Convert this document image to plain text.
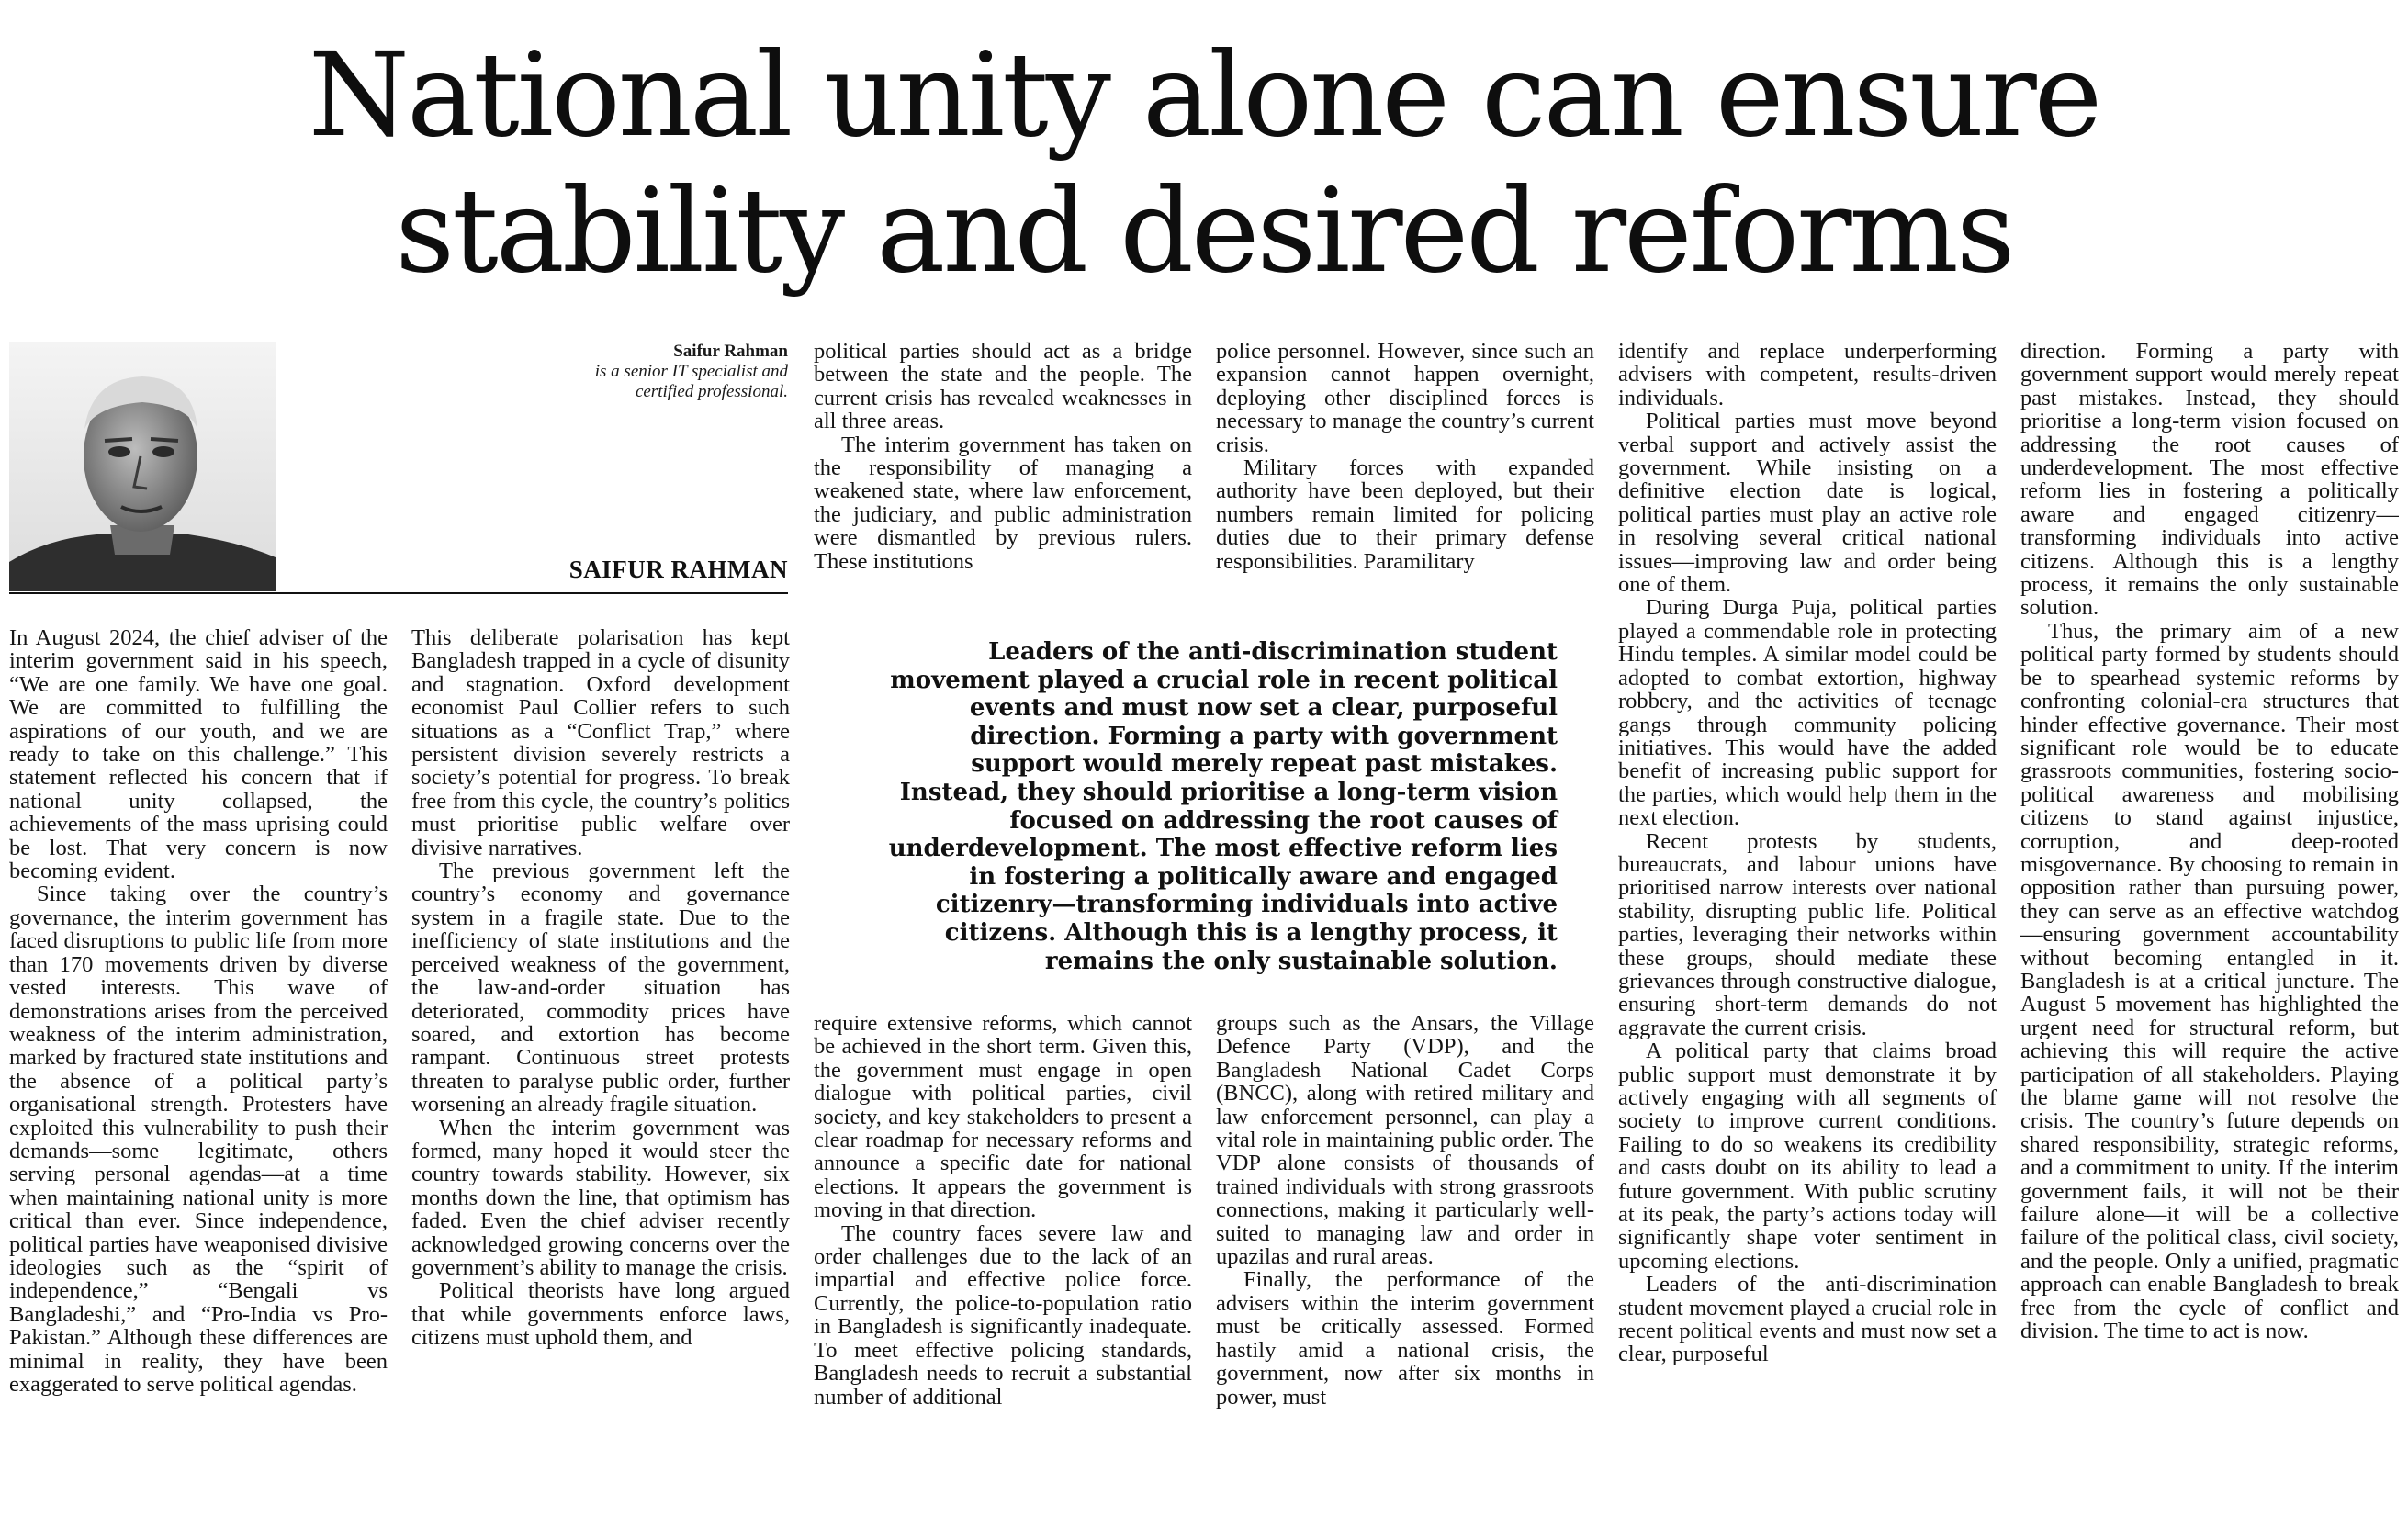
National unity alone can ensure
stability and desired reforms
Saifur Rahman
is a senior IT specialist and
certified professional.
SAIFUR RAHMAN

In August 2024, the chief adviser of the interim government said in his speech, “We are one family. We have one goal. We are committed to fulfilling the aspirations of our youth, and we are ready to take on this challenge.” This statement reflected his concern that if national unity collapsed, the achievements of the mass uprising could be lost. That very concern is now becoming evident.

Since taking over the country’s governance, the interim government has faced disruptions to public life from more than 170 movements driven by diverse vested interests. This wave of demonstrations arises from the perceived weakness of the interim administration, marked by fractured state institutions and the absence of a political party’s organisational strength. Protesters have exploited this vulnerability to push their demands—some legitimate, others serving personal agendas—at a time when maintaining national unity is more critical than ever. Since independence, political parties have weaponised divisive ideologies such as the “spirit of independence,” “Bengali vs Bangladeshi,” and “Pro-India vs Pro-Pakistan.” Although these differences are minimal in reality, they have been exaggerated to serve political agendas.

This deliberate polarisation has kept Bangladesh trapped in a cycle of disunity and stagnation. Oxford development economist Paul Collier refers to such situations as a “Conflict Trap,” where persistent division severely restricts a society’s potential for progress. To break free from this cycle, the country’s politics must prioritise public welfare over divisive narratives.

The previous government left the country’s economy and governance system in a fragile state. Due to the inefficiency of state institutions and the perceived weakness of the government, the law-and-order situation has deteriorated, commodity prices have soared, and extortion has become rampant. Continuous street protests threaten to paralyse public order, further worsening an already fragile situation.

When the interim government was formed, many hoped it would steer the country towards stability. However, six months down the line, that optimism has faded. Even the chief adviser recently acknowledged growing concerns over the government’s ability to manage the crisis.

Political theorists have long argued that while governments enforce laws, citizens must uphold them, and

political parties should act as a bridge between the state and the people. The current crisis has revealed weaknesses in all three areas.

The interim government has taken on the responsibility of managing a weakened state, where law enforcement, the judiciary, and public administration were dismantled by previous rulers. These institutions

police personnel. However, since such an expansion cannot happen overnight, deploying other disciplined forces is necessary to manage the country’s current crisis.

Military forces with expanded authority have been deployed, but their numbers remain limited for policing duties due to their primary defense responsibilities. Paramilitary

Leaders of the anti-discrimination student movement played a crucial role in recent political events and must now set a clear, purposeful direction. Forming a party with government support would merely repeat past mistakes. Instead, they should prioritise a long-term vision focused on addressing the root causes of underdevelopment. The most effective reform lies in fostering a politically aware and engaged citizenry—transforming individuals into active citizens. Although this is a lengthy process, it remains the only sustainable solution.

require extensive reforms, which cannot be achieved in the short term. Given this, the government must engage in open dialogue with political parties, civil society, and key stakeholders to present a clear roadmap for necessary reforms and announce a specific date for national elections. It appears the government is moving in that direction.

The country faces severe law and order challenges due to the lack of an impartial and effective police force. Currently, the police-to-population ratio in Bangladesh is significantly inadequate. To meet effective policing standards, Bangladesh needs to recruit a substantial number of additional

groups such as the Ansars, the Village Defence Party (VDP), and the Bangladesh National Cadet Corps (BNCC), along with retired military and law enforcement personnel, can play a vital role in maintaining public order. The VDP alone consists of thousands of trained individuals with strong grassroots connections, making it particularly well-suited to managing law and order in upazilas and rural areas.

Finally, the performance of the advisers within the interim government must be critically assessed. Formed hastily amid a national crisis, the government, now after six months in power, must

identify and replace underperforming advisers with competent, results-driven individuals.

Political parties must move beyond verbal support and actively assist the government. While insisting on a definitive election date is logical, political parties must play an active role in resolving several critical national issues—improving law and order being one of them.

During Durga Puja, political parties played a commendable role in protecting Hindu temples. A similar model could be adopted to combat extortion, highway robbery, and the activities of teenage gangs through community policing initiatives. This would have the added benefit of increasing public support for the parties, which would help them in the next election.

Recent protests by students, bureaucrats, and labour unions have prioritised narrow interests over national stability, disrupting public life. Political parties, leveraging their networks within these groups, should mediate these grievances through constructive dialogue, ensuring short-term demands do not aggravate the current crisis.

A political party that claims broad public support must demonstrate it by actively engaging with all segments of society to improve current conditions. Failing to do so weakens its credibility and casts doubt on its ability to lead a future government. With public scrutiny at its peak, the party’s actions today will significantly shape voter sentiment in upcoming elections.

Leaders of the anti-discrimination student movement played a crucial role in recent political events and must now set a clear, purposeful

direction. Forming a party with government support would merely repeat past mistakes. Instead, they should prioritise a long-term vision focused on addressing the root causes of underdevelopment. The most effective reform lies in fostering a politically aware and engaged citizenry—transforming individuals into active citizens. Although this is a lengthy process, it remains the only sustainable solution.

Thus, the primary aim of a new political party formed by students should be to spearhead systemic reforms by confronting colonial-era structures that hinder effective governance. Their most significant role would be to educate grassroots communities, fostering socio-political awareness and mobilising citizens to stand against injustice, corruption, and deep-rooted misgovernance. By choosing to remain in opposition rather than pursuing power, they can serve as an effective watchdog—ensuring government accountability without becoming entangled in it. Bangladesh is at a critical juncture. The August 5 movement has highlighted the urgent need for structural reform, but achieving this will require the active participation of all stakeholders. Playing the blame game will not resolve the crisis. The country’s future depends on shared responsibility, strategic reforms, and a commitment to unity. If the interim government fails, it will not be their failure alone—it will be a collective failure of the political class, civil society, and the people. Only a unified, pragmatic approach can enable Bangladesh to break free from the cycle of conflict and division. The time to act is now.
